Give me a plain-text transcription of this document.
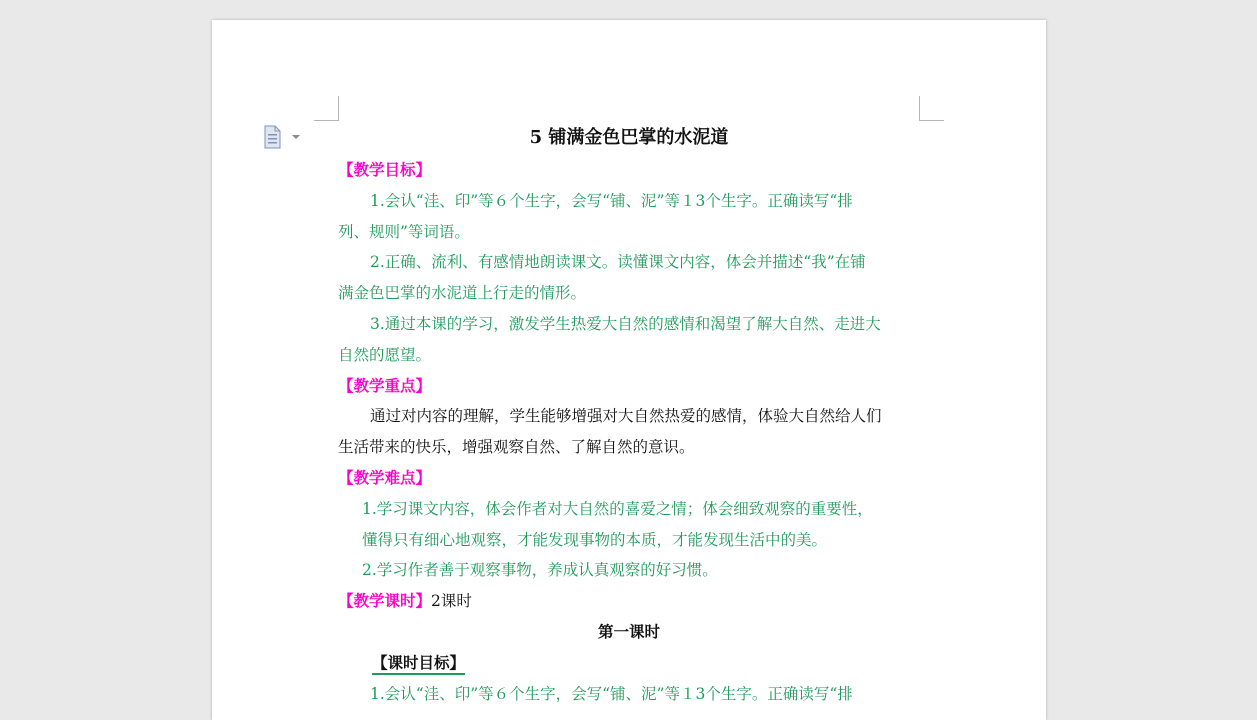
5 铺满金色巴掌的水泥道

【教学目标】

1.会认“洼、印”等６个生字，会写“铺、泥”等１3个生字。正确读写“排

列、规则”等词语。

2.正确、流利、有感情地朗读课文。读懂课文内容，体会并描述“我”在铺

满金色巴掌的水泥道上行走的情形。

3.通过本课的学习，激发学生热爱大自然的感情和渴望了解大自然、走进大

自然的愿望。

【教学重点】

通过对内容的理解，学生能够增强对大自然热爱的感情，体验大自然给人们

生活带来的快乐，增强观察自然、了解自然的意识。

【教学难点】

1.学习课文内容，体会作者对大自然的喜爱之情；体会细致观察的重要性，

懂得只有细心地观察，才能发现事物的本质，才能发现生活中的美。

2.学习作者善于观察事物，养成认真观察的好习惯。

【教学课时】2课时

第一课时

【课时目标】

1.会认“洼、印”等６个生字，会写“铺、泥”等１3个生字。正确读写“排
